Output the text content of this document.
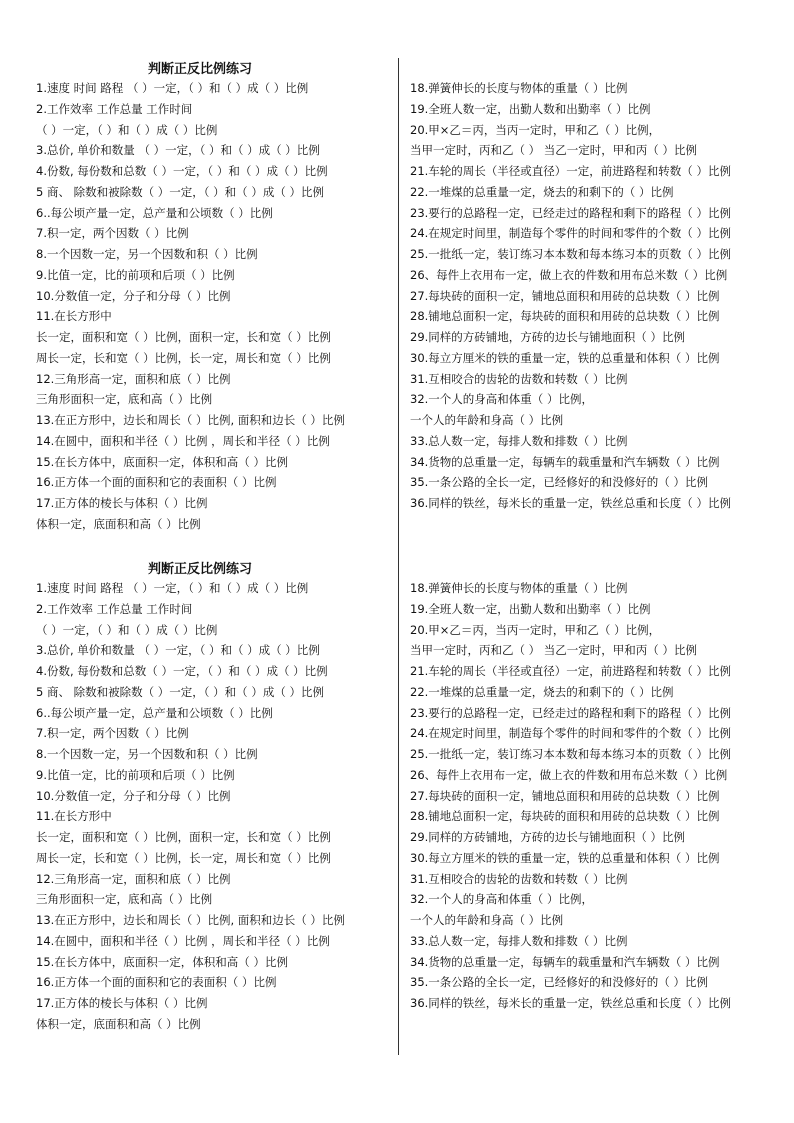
判断正反比例练习
1.速度 时间 路程 （ ）一定，（ ）和（ ）成（ ）比例
2.工作效率 工作总量 工作时间
（ ）一定，（ ）和（ ）成（ ）比例
3.总价, 单价和数量 （ ）一定，（ ）和（ ）成（ ）比例
4.份数, 每份数和总数（ ）一定，（ ）和（ ）成（ ）比例
5 商、 除数和被除数（ ）一定，（ ）和（ ）成（ ）比例
6..每公顷产量一定，总产量和公顷数（ ）比例
7.积一定，两个因数（ ）比例
8.一个因数一定，另一个因数和积（ ）比例
9.比值一定，比的前项和后项（ ）比例
10.分数值一定，分子和分母（ ）比例
11.在长方形中
长一定，面积和宽（ ）比例，面积一定，长和宽（ ）比例
周长一定，长和宽（ ）比例，长一定，周长和宽（ ）比例
12.三角形高一定，面积和底（ ）比例
三角形面积一定，底和高（ ）比例
13.在正方形中，边长和周长（ ）比例, 面积和边长（ ）比例
14.在圆中，面积和半径（ ）比例 ，周长和半径（ ）比例
15.在长方体中，底面积一定，体积和高（ ）比例
16.正方体一个面的面积和它的表面积（ ）比例
17.正方体的棱长与体积（ ）比例
体积一定，底面积和高（ ）比例
18.弹簧伸长的长度与物体的重量（ ）比例
19.全班人数一定，出勤人数和出勤率（ ）比例
20.甲×乙＝丙，当丙一定时，甲和乙（ ）比例，
当甲一定时，丙和乙（ ） 当乙一定时，甲和丙（ ）比例
21.车轮的周长（半径或直径）一定，前进路程和转数（ ）比例
22.一堆煤的总重量一定，烧去的和剩下的（ ）比例
23.要行的总路程一定，已经走过的路程和剩下的路程（ ）比例
24.在规定时间里，制造每个零件的时间和零件的个数（ ）比例
25.一批纸一定，装订练习本本数和每本练习本的页数（ ）比例
26、每件上衣用布一定，做上衣的件数和用布总米数（ ）比例
27.每块砖的面积一定，铺地总面积和用砖的总块数（ ）比例
28.铺地总面积一定，每块砖的面积和用砖的总块数（ ）比例
29.同样的方砖铺地，方砖的边长与铺地面积（ ）比例
30.每立方厘米的铁的重量一定，铁的总重量和体积（ ）比例
31.互相咬合的齿轮的齿数和转数（ ）比例
32.一个人的身高和体重（ ）比例，
一个人的年龄和身高（ ）比例
33.总人数一定，每排人数和排数（ ）比例
34.货物的总重量一定，每辆车的载重量和汽车辆数（ ）比例
35.一条公路的全长一定，已经修好的和没修好的（ ）比例
36.同样的铁丝，每米长的重量一定，铁丝总重和长度（ ）比例
判断正反比例练习
1.速度 时间 路程 （ ）一定，（ ）和（ ）成（ ）比例
2.工作效率 工作总量 工作时间
（ ）一定，（ ）和（ ）成（ ）比例
3.总价, 单价和数量 （ ）一定，（ ）和（ ）成（ ）比例
4.份数, 每份数和总数（ ）一定，（ ）和（ ）成（ ）比例
5 商、 除数和被除数（ ）一定，（ ）和（ ）成（ ）比例
6..每公顷产量一定，总产量和公顷数（ ）比例
7.积一定，两个因数（ ）比例
8.一个因数一定，另一个因数和积（ ）比例
9.比值一定，比的前项和后项（ ）比例
10.分数值一定，分子和分母（ ）比例
11.在长方形中
长一定，面积和宽（ ）比例，面积一定，长和宽（ ）比例
周长一定，长和宽（ ）比例，长一定，周长和宽（ ）比例
12.三角形高一定，面积和底（ ）比例
三角形面积一定，底和高（ ）比例
13.在正方形中，边长和周长（ ）比例, 面积和边长（ ）比例
14.在圆中，面积和半径（ ）比例 ，周长和半径（ ）比例
15.在长方体中，底面积一定，体积和高（ ）比例
16.正方体一个面的面积和它的表面积（ ）比例
17.正方体的棱长与体积（ ）比例
体积一定，底面积和高（ ）比例
18.弹簧伸长的长度与物体的重量（ ）比例
19.全班人数一定，出勤人数和出勤率（ ）比例
20.甲×乙＝丙，当丙一定时，甲和乙（ ）比例，
当甲一定时，丙和乙（ ） 当乙一定时，甲和丙（ ）比例
21.车轮的周长（半径或直径）一定，前进路程和转数（ ）比例
22.一堆煤的总重量一定，烧去的和剩下的（ ）比例
23.要行的总路程一定，已经走过的路程和剩下的路程（ ）比例
24.在规定时间里，制造每个零件的时间和零件的个数（ ）比例
25.一批纸一定，装订练习本本数和每本练习本的页数（ ）比例
26、每件上衣用布一定，做上衣的件数和用布总米数（ ）比例
27.每块砖的面积一定，铺地总面积和用砖的总块数（ ）比例
28.铺地总面积一定，每块砖的面积和用砖的总块数（ ）比例
29.同样的方砖铺地，方砖的边长与铺地面积（ ）比例
30.每立方厘米的铁的重量一定，铁的总重量和体积（ ）比例
31.互相咬合的齿轮的齿数和转数（ ）比例
32.一个人的身高和体重（ ）比例，
一个人的年龄和身高（ ）比例
33.总人数一定，每排人数和排数（ ）比例
34.货物的总重量一定，每辆车的载重量和汽车辆数（ ）比例
35.一条公路的全长一定，已经修好的和没修好的（ ）比例
36.同样的铁丝，每米长的重量一定，铁丝总重和长度（ ）比例
